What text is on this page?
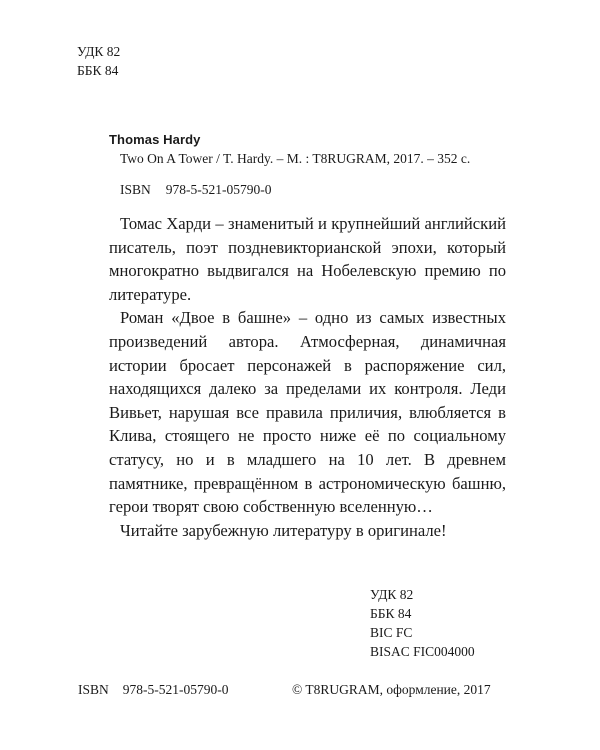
УДК 82
ББК 84
Thomas Hardy
Two On A Tower / T. Hardy. – M. : T8RUGRAM, 2017. – 352 с.
ISBN 978-5-521-05790-0

Томас Харди – знаменитый и крупнейший английский писатель, поэт поздневикторианской эпохи, который многократно выдвигался на Нобелевскую премию по литературе.

Роман «Двое в башне» – одно из самых известных произведений автора. Атмосферная, динамичная истории бросает персонажей в распоряжение сил, находящихся далеко за пределами их контроля. Леди Вивьет, нарушая все правила приличия, влюбляется в Клива, стоящего не просто ниже её по социальному статусу, но и в младшего на 10 лет. В древнем памятнике, превращённом в астрономическую башню, герои творят свою собственную вселенную…

Читайте зарубежную литературу в оригинале!

УДК 82
ББК 84
BIC FC
BISAC FIC004000
ISBN 978-5-521-05790-0	© T8RUGRAM, оформление, 2017
